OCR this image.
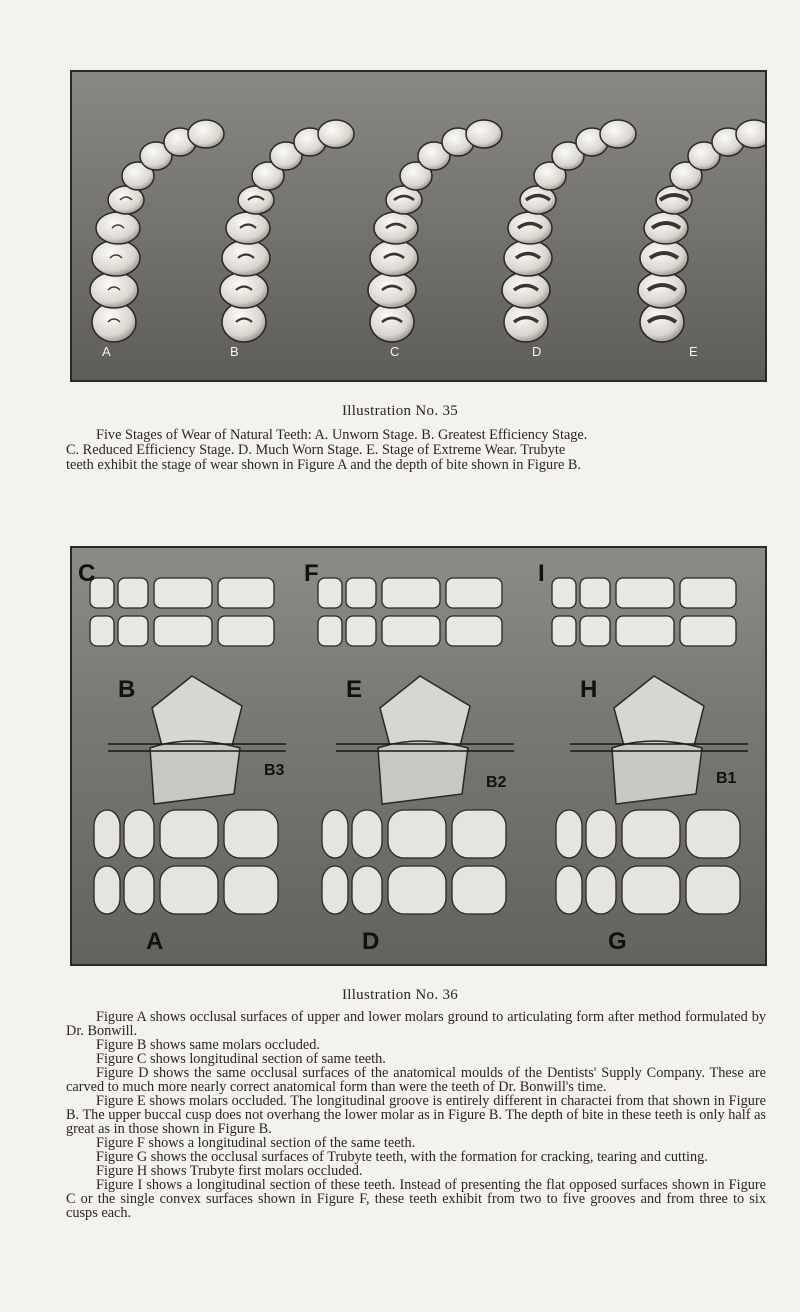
A	B	C	D	E
Illustration No. 35

Five Stages of Wear of Natural Teeth: A. Unworn Stage. B. Greatest Efficiency Stage.

C. Reduced Efficiency Stage. D. Much Worn Stage. E. Stage of Extreme Wear. Trubyte

teeth exhibit the stage of wear shown in Figure A and the depth of bite shown in Figure B.

C	F	I
B	E	H
B3
B2	B1
A	D	G
Illustration No. 36

Figure A shows occlusal surfaces of upper and lower molars ground to articulating form after method formulated by Dr. Bonwill.

Figure B shows same molars occluded.

Figure C shows longitudinal section of same teeth.

Figure D shows the same occlusal surfaces of the anatomical moulds of the Dentists' Supply Company. These are carved to much more nearly correct anatomical form than were the teeth of Dr. Bonwill's time.

Figure E shows molars occluded. The longitudinal groove is entirely different in charactei from that shown in Figure B. The upper buccal cusp does not overhang the lower molar as in Figure B. The depth of bite in these teeth is only half as great as in those shown in Figure B.

Figure F shows a longitudinal section of the same teeth.

Figure G shows the occlusal surfaces of Trubyte teeth, with the formation for cracking, tearing and cutting.

Figure H shows Trubyte first molars occluded.

Figure I shows a longitudinal section of these teeth. Instead of presenting the flat opposed surfaces shown in Figure C or the single convex surfaces shown in Figure F, these teeth exhibit from two to five grooves and from three to six cusps each.
